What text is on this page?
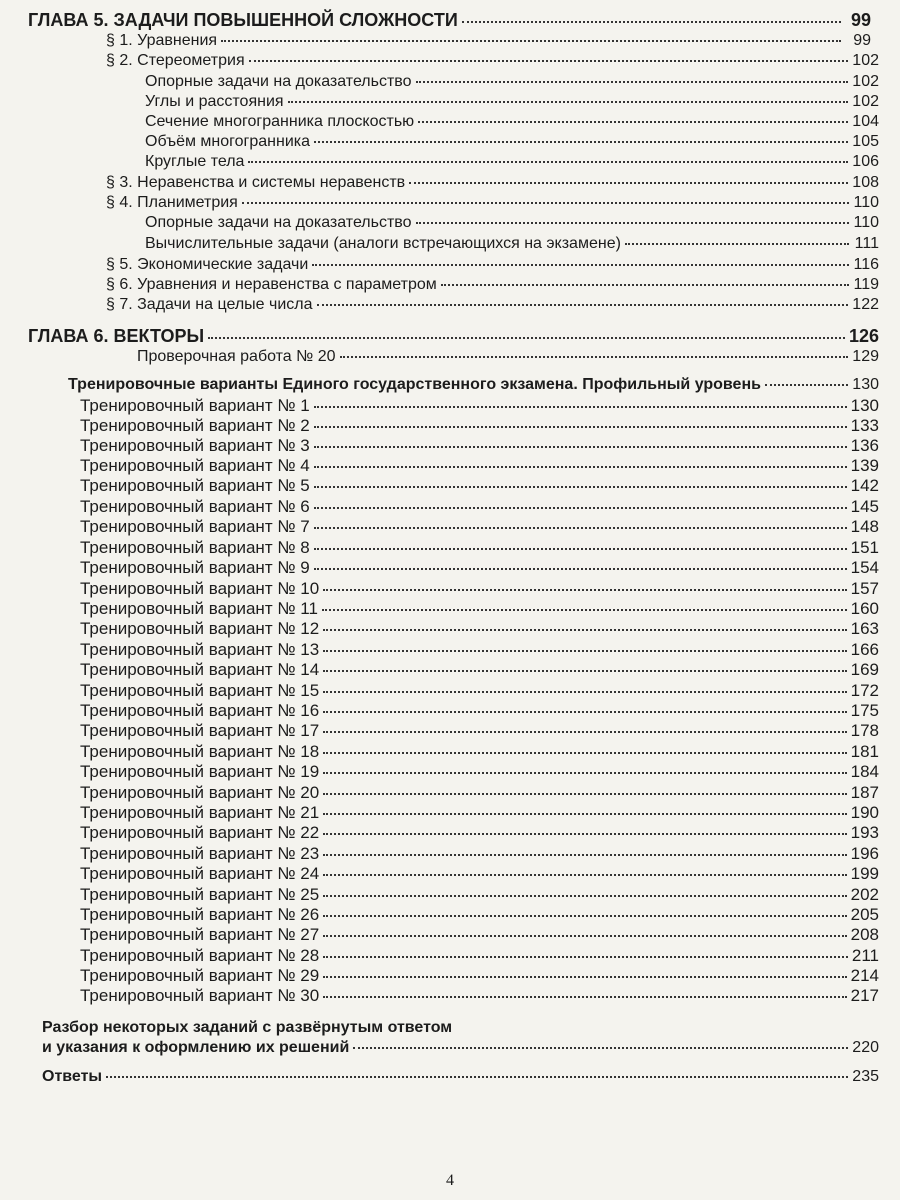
ГЛАВА 5. ЗАДАЧИ ПОВЫШЕННОЙ СЛОЖНОСТИ	99
§ 1. Уравнения	99
§ 2. Стереометрия	102
Опорные задачи на доказательство	102
Углы и расстояния	102
Сечение многогранника плоскостью	104
Объём многогранника	105
Круглые тела	106
§ 3. Неравенства и системы неравенств	108
§ 4. Планиметрия	110
Опорные задачи на доказательство	110
Вычислительные задачи (аналоги встречающихся на экзамене)	111
§ 5. Экономические задачи	116
§ 6. Уравнения и неравенства с параметром	119
§ 7. Задачи на целые числа	122
ГЛАВА 6. ВЕКТОРЫ	126
Проверочная работа № 20	129
Тренировочные варианты Единого государственного экзамена. Профильный уровень	130
Тренировочный вариант № 1	130
Тренировочный вариант № 2	133
Тренировочный вариант № 3	136
Тренировочный вариант № 4	139
Тренировочный вариант № 5	142
Тренировочный вариант № 6	145
Тренировочный вариант № 7	148
Тренировочный вариант № 8	151
Тренировочный вариант № 9	154
Тренировочный вариант № 10	157
Тренировочный вариант № 11	160
Тренировочный вариант № 12	163
Тренировочный вариант № 13	166
Тренировочный вариант № 14	169
Тренировочный вариант № 15	172
Тренировочный вариант № 16	175
Тренировочный вариант № 17	178
Тренировочный вариант № 18	181
Тренировочный вариант № 19	184
Тренировочный вариант № 20	187
Тренировочный вариант № 21	190
Тренировочный вариант № 22	193
Тренировочный вариант № 23	196
Тренировочный вариант № 24	199
Тренировочный вариант № 25	202
Тренировочный вариант № 26	205
Тренировочный вариант № 27	208
Тренировочный вариант № 28	211
Тренировочный вариант № 29	214
Тренировочный вариант № 30	217
Разбор некоторых заданий с развёрнутым ответом
и указания к оформлению их решений	220
Ответы	235
4
